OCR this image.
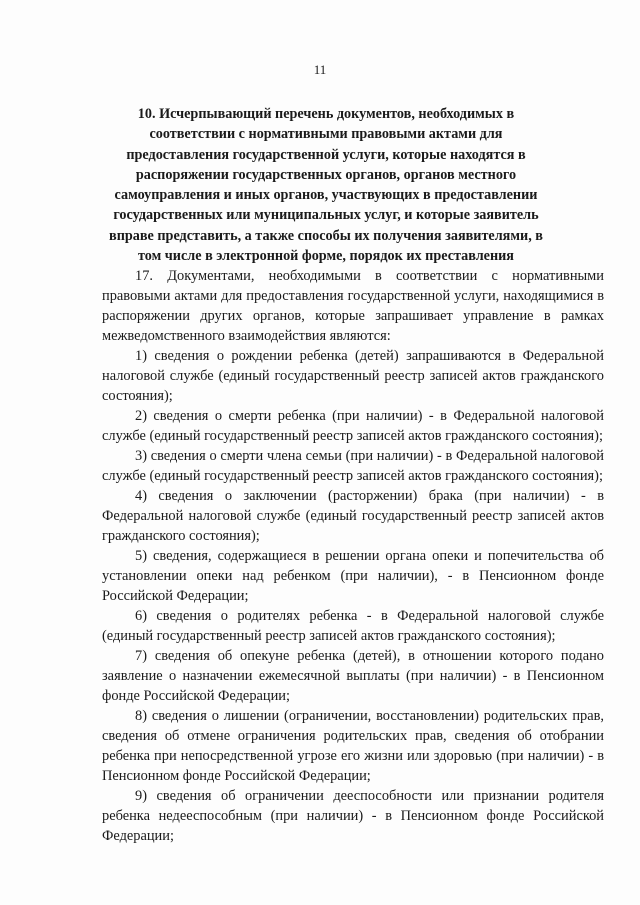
11
10. Исчерпывающий перечень документов, необходимых в соответствии с нормативными правовыми актами для предоставления государственной услуги, которые находятся в распоряжении государственных органов, органов местного самоуправления и иных органов, участвующих в предоставлении государственных или муниципальных услуг, и которые заявитель вправе представить, а также способы их получения заявителями, в том числе в электронной форме, порядок их преставления

17. Документами, необходимыми в соответствии с нормативными правовыми актами для предоставления государственной услуги, находящимися в распоряжении других органов, которые запрашивает управление в рамках межведомственного взаимодействия являются:

1) сведения о рождении ребенка (детей) запрашиваются в Федеральной налоговой службе (единый государственный реестр записей актов гражданского состояния);

2) сведения о смерти ребенка (при наличии) - в Федеральной налоговой службе (единый государственный реестр записей актов гражданского состояния);

3) сведения о смерти члена семьи (при наличии) - в Федеральной налоговой службе (единый государственный реестр записей актов гражданского состояния);

4) сведения о заключении (расторжении) брака (при наличии) - в Федеральной налоговой службе (единый государственный реестр записей актов гражданского состояния);

5) сведения, содержащиеся в решении органа опеки и попечительства об установлении опеки над ребенком (при наличии), - в Пенсионном фонде Российской Федерации;

6) сведения о родителях ребенка - в Федеральной налоговой службе (единый государственный реестр записей актов гражданского состояния);

7) сведения об опекуне ребенка (детей), в отношении которого подано заявление о назначении ежемесячной выплаты (при наличии) - в Пенсионном фонде Российской Федерации;

8) сведения о лишении (ограничении, восстановлении) родительских прав, сведения об отмене ограничения родительских прав, сведения об отобрании ребенка при непосредственной угрозе его жизни или здоровью (при наличии) - в Пенсионном фонде Российской Федерации;

9) сведения об ограничении дееспособности или признании родителя ребенка недееспособным (при наличии) - в Пенсионном фонде Российской Федерации;
